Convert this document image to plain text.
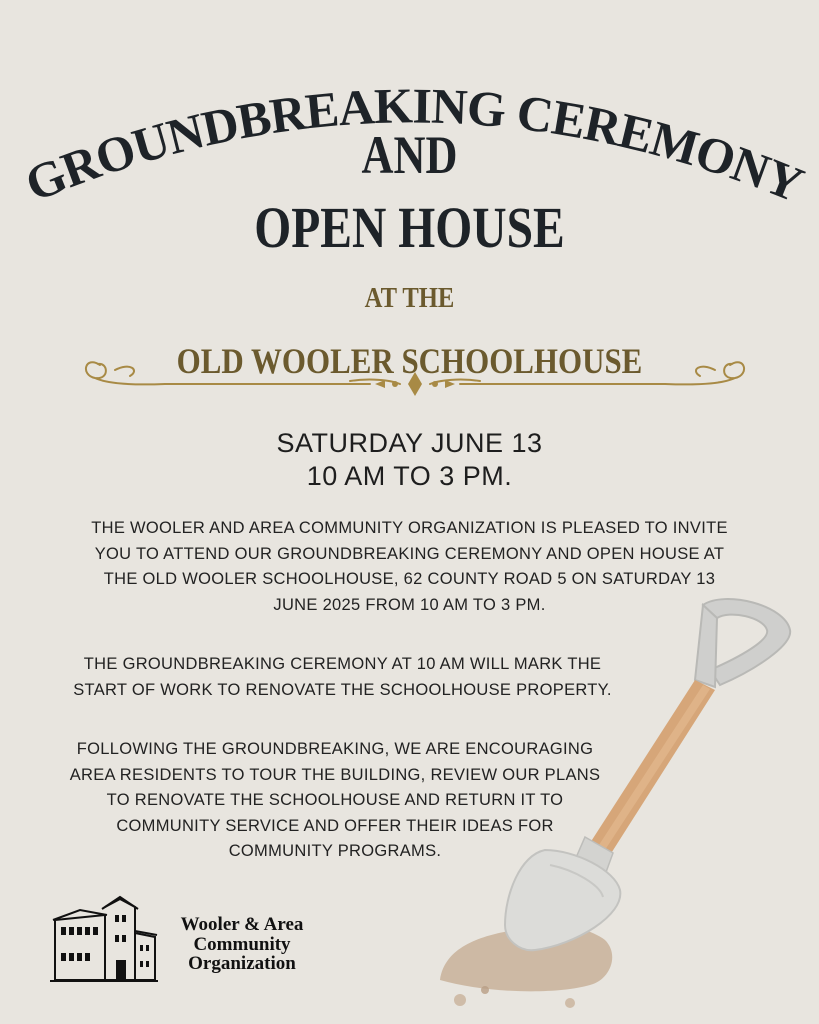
GROUNDBREAKING CEREMONY
AND
OPEN HOUSE
AT THE
OLD WOOLER SCHOOLHOUSE
SATURDAY JUNE 13
10 AM TO 3 PM.
THE WOOLER AND AREA COMMUNITY ORGANIZATION IS PLEASED TO INVITE
YOU TO ATTEND OUR GROUNDBREAKING CEREMONY AND OPEN HOUSE AT
THE OLD WOOLER SCHOOLHOUSE, 62 COUNTY ROAD 5 ON SATURDAY 13
JUNE 2025 FROM 10 AM TO 3 PM.
THE GROUNDBREAKING CEREMONY AT 10 AM WILL MARK THE
START OF WORK TO RENOVATE THE SCHOOLHOUSE PROPERTY.
FOLLOWING THE GROUNDBREAKING, WE ARE ENCOURAGING
AREA RESIDENTS TO TOUR THE BUILDING, REVIEW OUR PLANS
TO RENOVATE THE SCHOOLHOUSE AND RETURN IT TO
COMMUNITY SERVICE AND OFFER THEIR IDEAS FOR
COMMUNITY PROGRAMS.
Wooler & Area
Community
Organization
